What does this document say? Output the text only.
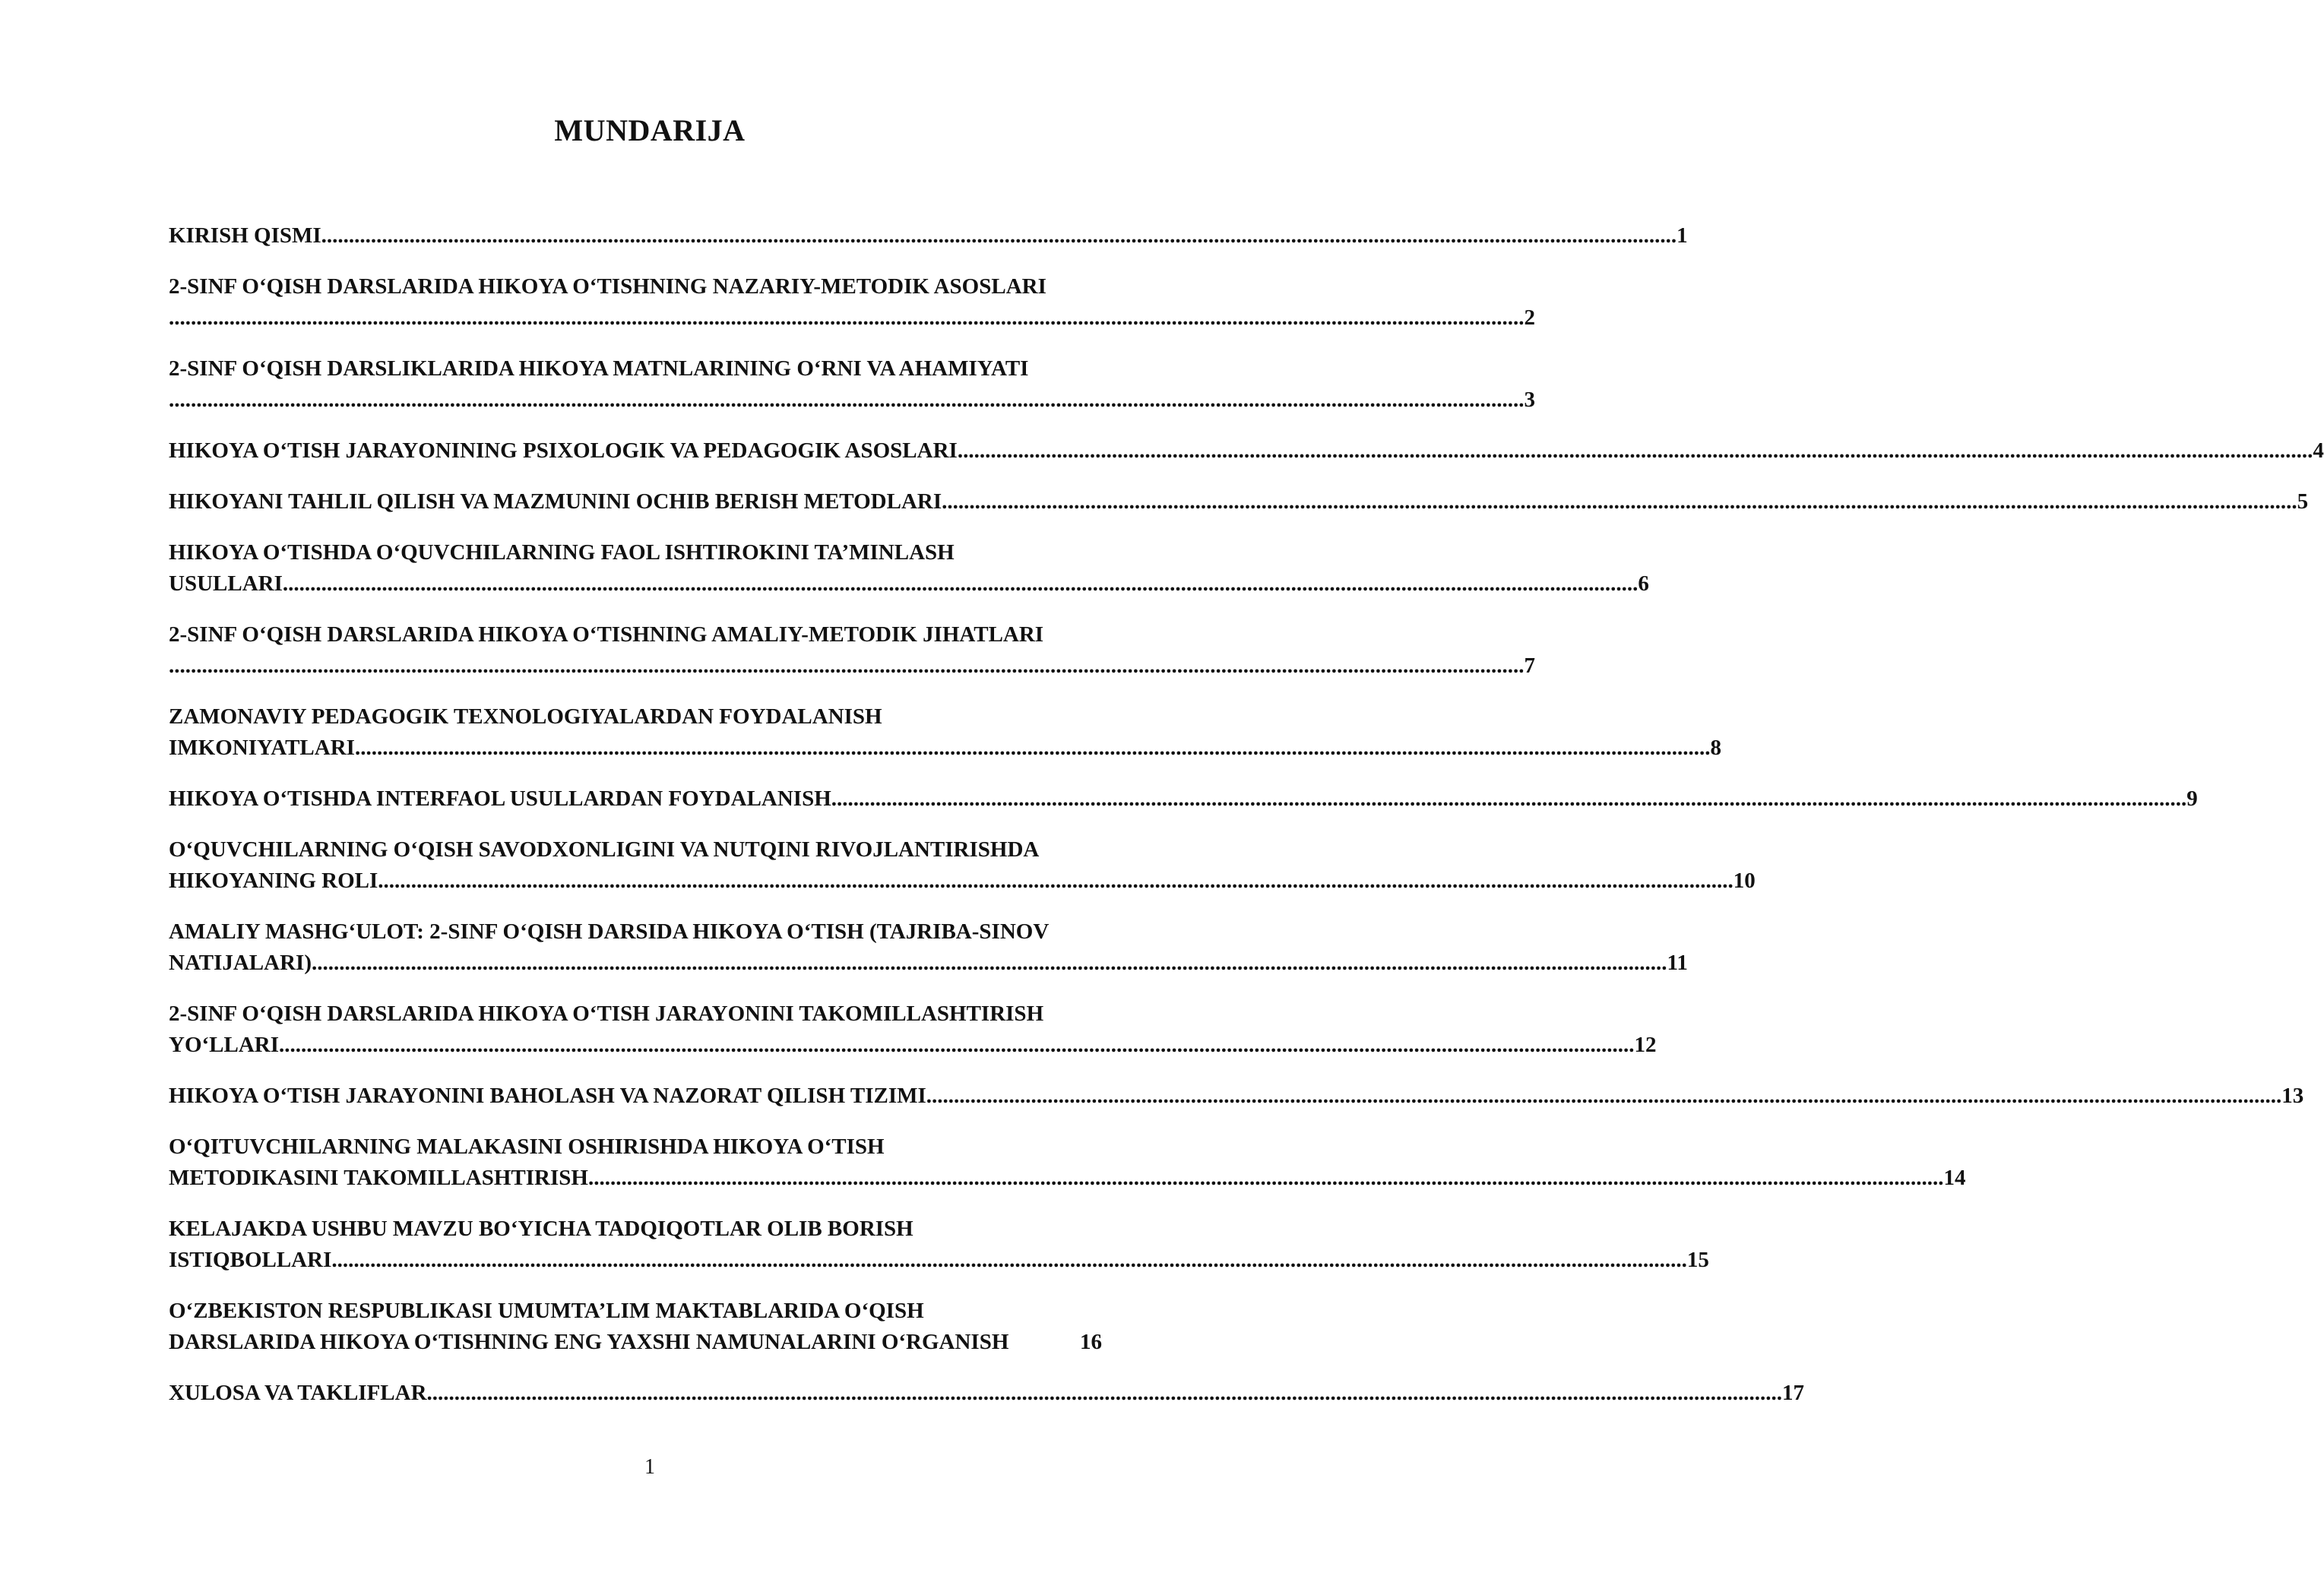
MUNDARIJA
KIRISH QISMI ...................................................................................................................................................................................................................................................... 1
2-SINF O‘QISH DARSLARIDA HIKOYA O‘TISHNING NAZARIY-METODIK ASOSLARI
...................................................................................................................................................................................................................................................... 2
2-SINF O‘QISH DARSLIKLARIDA HIKOYA MATNLARINING O‘RNI VA AHAMIYATI
...................................................................................................................................................................................................................................................... 3
HIKOYA O‘TISH JARAYONINING PSIXOLOGIK VA PEDAGOGIK ASOSLARI ...................................................................................................................................................................................................................................................... 4
HIKOYANI TAHLIL QILISH VA MAZMUNINI OCHIB BERISH METODLARI ...................................................................................................................................................................................................................................................... 5
HIKOYA O‘TISHDA O‘QUVCHILARNING FAOL ISHTIROKINI TA’MINLASH
USULLARI ...................................................................................................................................................................................................................................................... 6
2-SINF O‘QISH DARSLARIDA HIKOYA O‘TISHNING AMALIY-METODIK JIHATLARI
...................................................................................................................................................................................................................................................... 7
ZAMONAVIY PEDAGOGIK TEXNOLOGIYALARDAN FOYDALANISH
IMKONIYATLARI ...................................................................................................................................................................................................................................................... 8
HIKOYA O‘TISHDA INTERFAOL USULLARDAN FOYDALANISH ...................................................................................................................................................................................................................................................... 9
O‘QUVCHILARNING O‘QISH SAVODXONLIGINI VA NUTQINI RIVOJLANTIRISHDA
HIKOYANING ROLI ...................................................................................................................................................................................................................................................... 10
AMALIY MASHG‘ULOT: 2-SINF O‘QISH DARSIDA HIKOYA O‘TISH (TAJRIBA-SINOV
NATIJALARI) ...................................................................................................................................................................................................................................................... 11
2-SINF O‘QISH DARSLARIDA HIKOYA O‘TISH JARAYONINI TAKOMILLASHTIRISH
YO‘LLARI ...................................................................................................................................................................................................................................................... 12
HIKOYA O‘TISH JARAYONINI BAHOLASH VA NAZORAT QILISH TIZIMI ...................................................................................................................................................................................................................................................... 13
O‘QITUVCHILARNING MALAKASINI OSHIRISHDA HIKOYA O‘TISH
METODIKASINI TAKOMILLASHTIRISH ...................................................................................................................................................................................................................................................... 14
KELAJAKDA USHBU MAVZU BO‘YICHA TADQIQOTLAR OLIB BORISH
ISTIQBOLLARI ...................................................................................................................................................................................................................................................... 15
O‘ZBEKISTON RESPUBLIKASI UMUMTA’LIM MAKTABLARIDA O‘QISH
DARSLARIDA HIKOYA O‘TISHNING ENG YAXSHI NAMUNALARINI O‘RGANISH	16
XULOSA VA TAKLIFLAR ...................................................................................................................................................................................................................................................... 17
1
